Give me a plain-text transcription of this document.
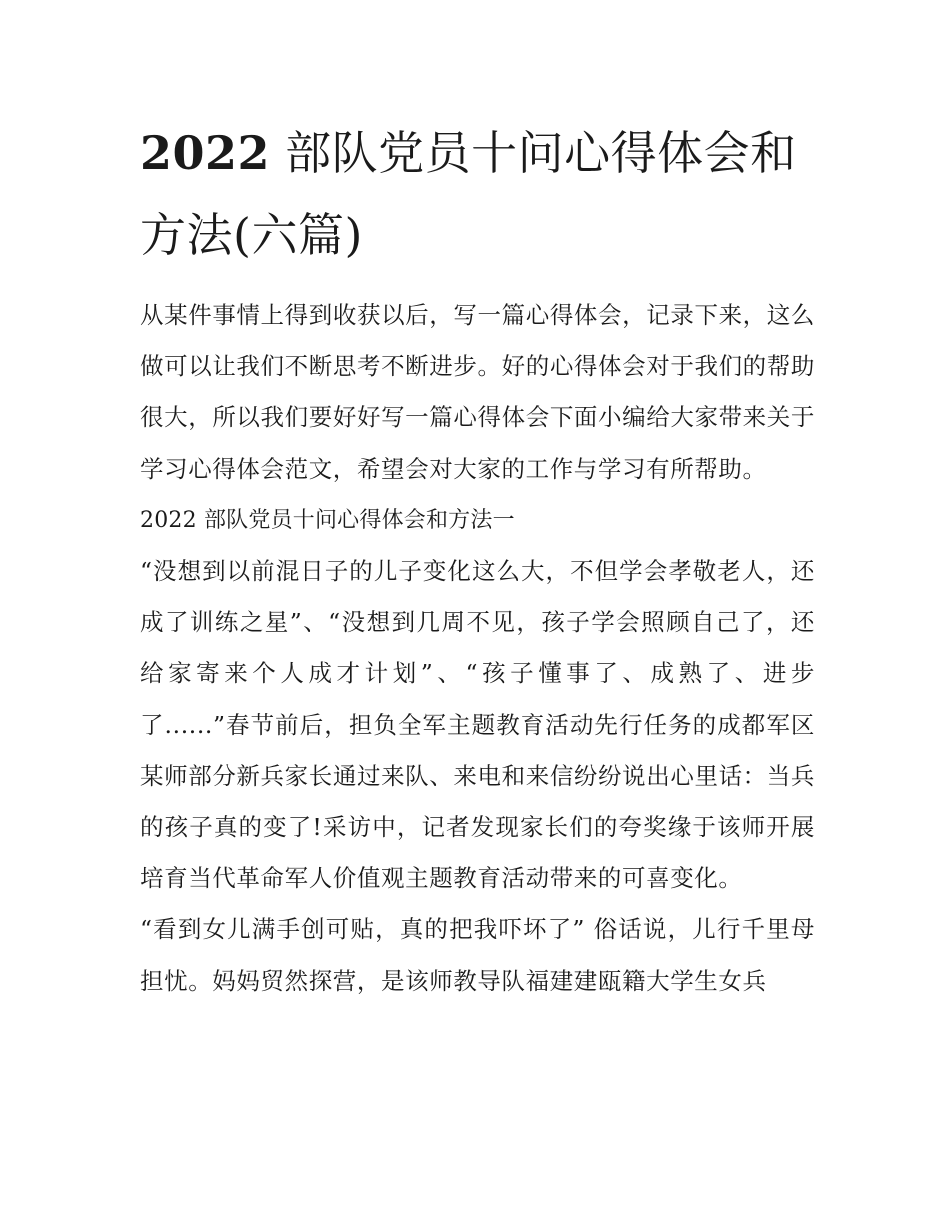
2022 部队党员十问心得体会和方法(六篇)

从某件事情上得到收获以后，写一篇心得体会，记录下来，这么做可以让我们不断思考不断进步。好的心得体会对于我们的帮助很大，所以我们要好好写一篇心得体会下面小编给大家带来关于学习心得体会范文，希望会对大家的工作与学习有所帮助。

2022 部队党员十问心得体会和方法一

“没想到以前混日子的儿子变化这么大，不但学会孝敬老人，还成了训练之星”、“没想到几周不见，孩子学会照顾自己了，还给家寄来个人成才计划”、“孩子懂事了、成熟了、进步了......”春节前后，担负全军主题教育活动先行任务的成都军区某师部分新兵家长通过来队、来电和来信纷纷说出心里话：当兵的孩子真的变了!采访中，记者发现家长们的夸奖缘于该师开展培育当代革命军人价值观主题教育活动带来的可喜变化。

“看到女儿满手创可贴，真的把我吓坏了” 俗话说，儿行千里母担忧。妈妈贸然探营，是该师教导队福建建瓯籍大学生女兵
